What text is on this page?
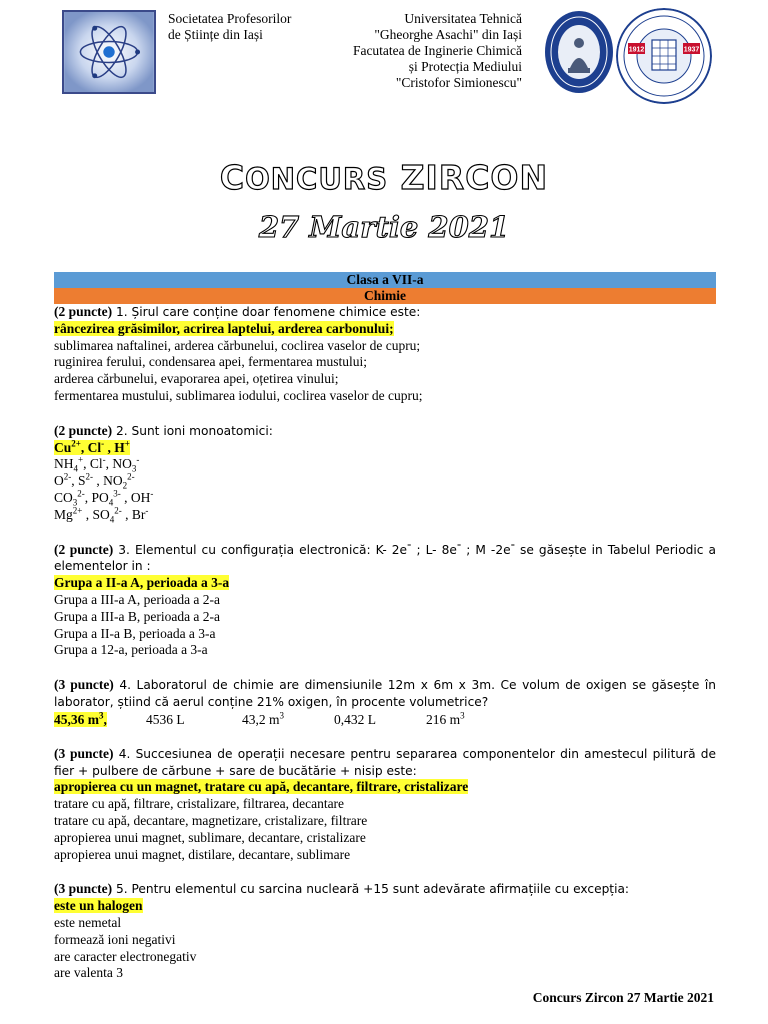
Societatea Profesorilor
de Științe din Iași
Universitatea Tehnică
"Gheorghe Asachi" din Iași
Facutatea de Inginerie Chimică
și Protecția Mediului
"Cristofor Simionescu"
1912	1937
CONCURS ZIRCON
27 Martie 2021
Clasa a VII-a
Chimie
(2 puncte) 1. Șirul care conține doar fenomene chimice este:
râncezirea grăsimilor, acrirea laptelui, arderea carbonului;
sublimarea naftalinei, arderea cărbunelui, coclirea vaselor de cupru;
ruginirea ferului, condensarea apei, fermentarea mustului;
arderea cărbunelui, evaporarea apei, oțetirea vinului;
fermentarea mustului, sublimarea iodului, coclirea vaselor de cupru;
(2 puncte) 2. Sunt ioni monoatomici:
$Cu^{2+}$, Cl- , H+
$NH_4^+$, Cl-, $NO_3^-$
$O^{2-}$, $S^{2-}$ , $NO_2^{2-}$
$CO_3^{2-}$, $PO_4^{3-}$ , OH-
$Mg^{2+}$ , $SO_4^{2-}$ , Br-
(2 puncte) 3. Elementul cu configurația electronică: K- 2e- ; L- 8e- ; M -2e- se găsește in Tabelul Periodic a elementelor in :
Grupa a II-a A, perioada a 3-a
Grupa a III-a A, perioada a 2-a
Grupa a III-a B, perioada a 2-a
Grupa a II-a B, perioada a 3-a
Grupa a 12-a, perioada a 3-a
(3 puncte) 4. Laboratorul de chimie are dimensiunile 12m x 6m x 3m. Ce volum de oxigen se găsește în laborator, știind că aerul conține 21% oxigen, în procente volumetrice?
45,36 $m^3$,	4536 L	43,2 $m^3$	0,432 L	216 $m^3$
(3 puncte) 4. Succesiunea de operații necesare pentru separarea componentelor din amestecul pilitură de fier + pulbere de cărbune + sare de bucătărie + nisip este:
apropierea cu un magnet, tratare cu apă, decantare, filtrare, cristalizare
tratare cu apă, filtrare, cristalizare, filtrarea, decantare
tratare cu apă, decantare, magnetizare, cristalizare, filtrare
apropierea unui magnet, sublimare, decantare, cristalizare
apropierea unui magnet, distilare, decantare, sublimare
(3 puncte) 5. Pentru elementul cu sarcina nucleară +15 sunt adevărate afirmațiile cu excepția:
este un halogen
este nemetal
formează ioni negativi
are caracter electronegativ
are valenta 3
Concurs Zircon 27 Martie 2021
